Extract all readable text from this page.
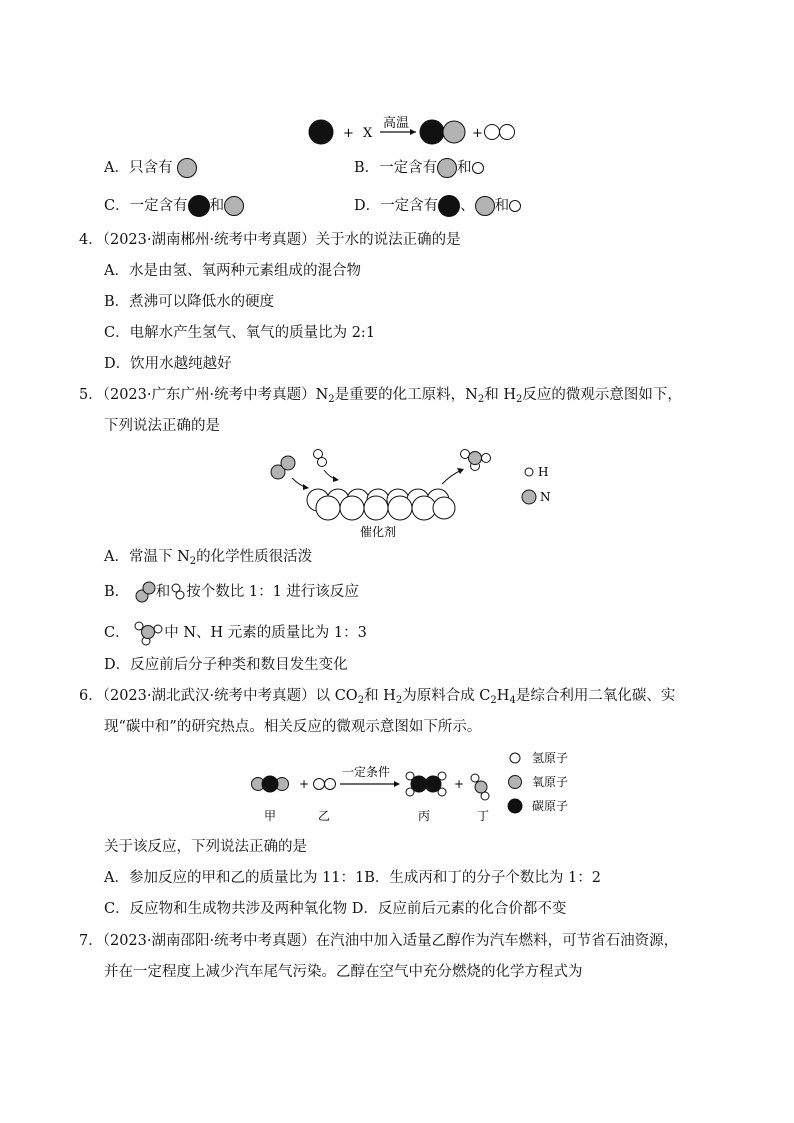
+ X
高温
+
A．只含有	B．一定含有 和
C．一定含有 和	D．一定含有 、 和
4．（2023·湖南郴州·统考中考真题）关于水的说法正确的是
A．水是由氢、氧两种元素组成的混合物
B．煮沸可以降低水的硬度
C．电解水产生氢气、氧气的质量比为 2:1
D．饮用水越纯越好
5．（2023·广东广州·统考中考真题）$N_2$是重要的化工原料，$N_2$和 $H_2$反应的微观示意图如下，
下列说法正确的是
催化剂
H
N
A．常温下 $N_2$的化学性质很活泼
B． 和 按个数比 1：1 进行该反应
C． 中 N、H 元素的质量比为 1：3
D．反应前后分子种类和数目发生变化
6．（2023·湖北武汉·统考中考真题）以 $CO_2$和 $H_2$为原料合成 $C_2H_4$是综合利用二氧化碳、实
现“碳中和”的研究热点。相关反应的微观示意图如下所示。
甲
+
乙
一定条件
丙
+
丁
氢原子
氧原子
碳原子
关于该反应，下列说法正确的是
A．参加反应的甲和乙的质量比为 11：1B．生成丙和丁的分子个数比为 1：2
C．反应物和生成物共涉及两种氧化物 D．反应前后元素的化合价都不变
7．（2023·湖南邵阳·统考中考真题）在汽油中加入适量乙醇作为汽车燃料，可节省石油资源，
并在一定程度上减少汽车尾气污染。乙醇在空气中充分燃烧的化学方程式为
